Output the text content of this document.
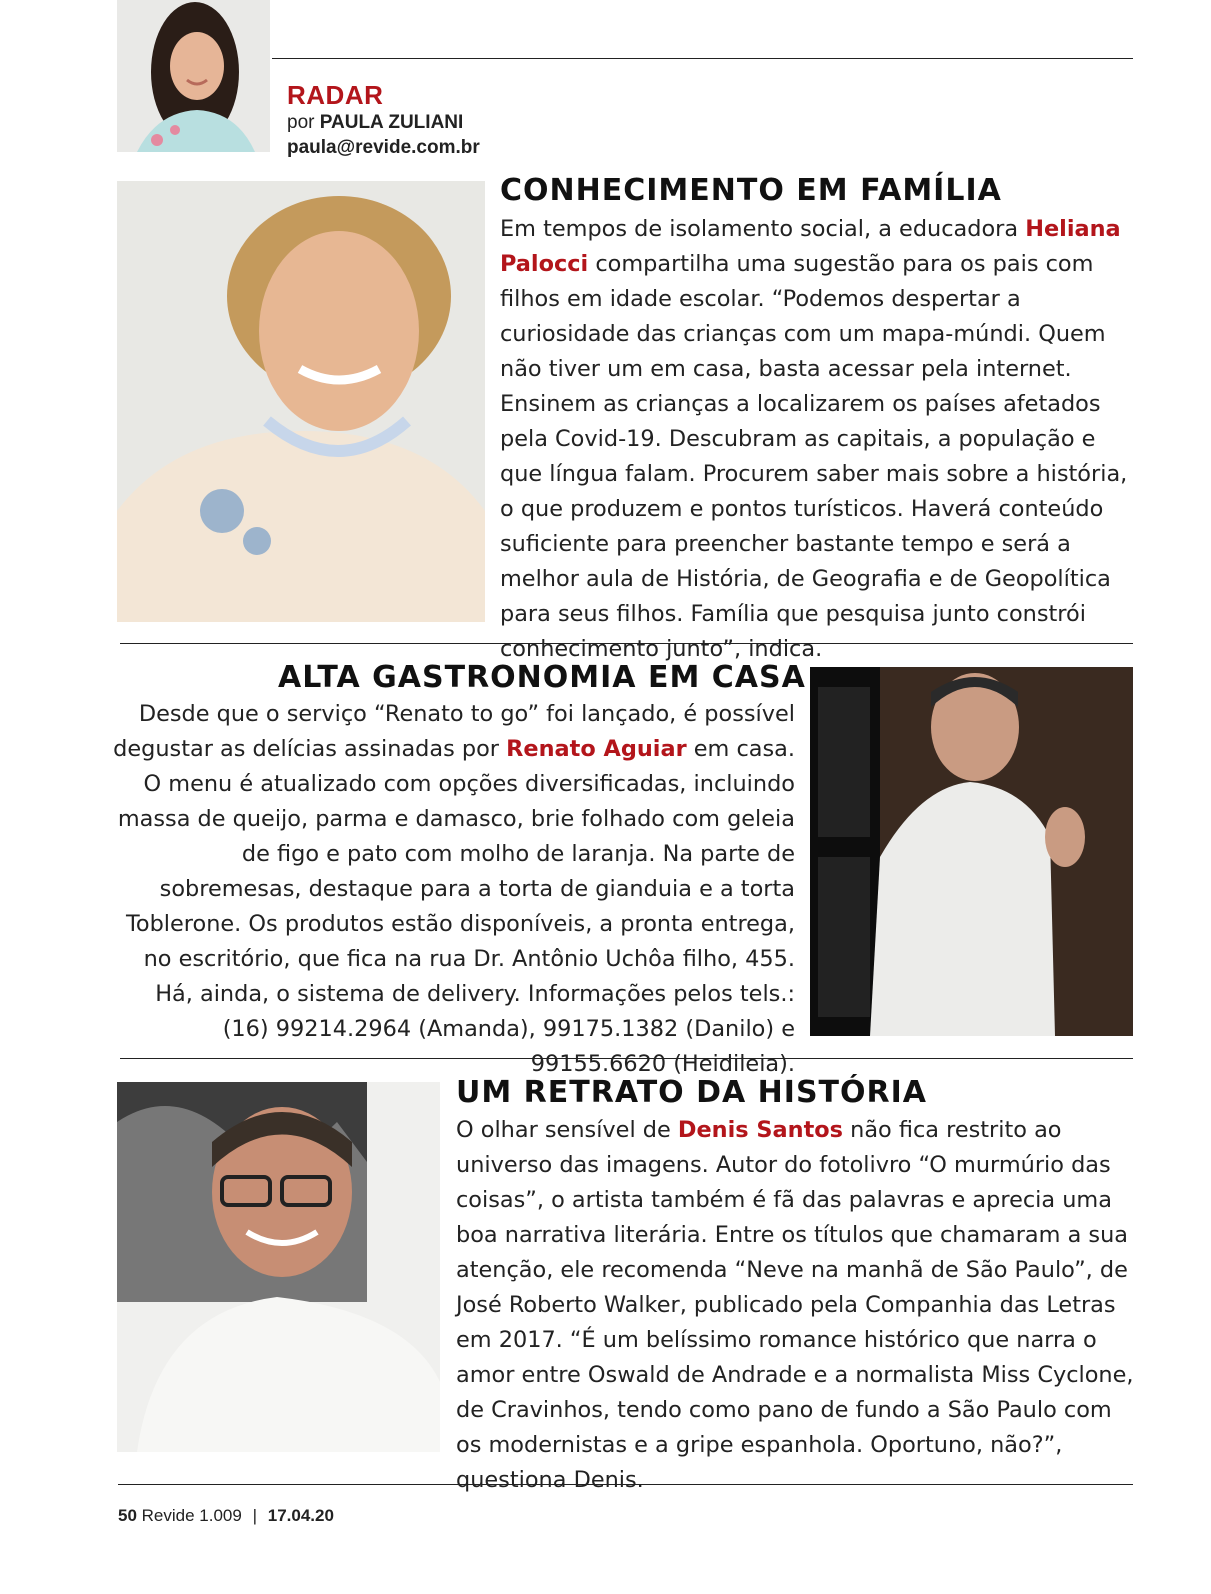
RADAR
por PAULA ZULIANI
paula@revide.com.br
CONHECIMENTO EM FAMÍLIA

Em tempos de isolamento social, a educadora Heliana Palocci compartilha uma sugestão para os pais com filhos em idade escolar. “Podemos despertar a curiosidade das crianças com um mapa-múndi. Quem não tiver um em casa, basta acessar pela internet. Ensinem as crianças a localizarem os países afetados pela Covid-19. Descubram as capitais, a população e que língua falam. Procurem saber mais sobre a história, o que produzem e pontos turísticos. Haverá conteúdo suficiente para preencher bastante tempo e será a melhor aula de História, de Geografia e de Geopolítica para seus filhos. Família que pesquisa junto constrói conhecimento junto”, indica.

ALTA GASTRONOMIA EM CASA

Desde que o serviço “Renato to go” foi lançado, é possível degustar as delícias assinadas por Renato Aguiar em casa. O menu é atualizado com opções diversificadas, incluindo massa de queijo, parma e damasco, brie folhado com geleia de figo e pato com molho de laranja. Na parte de sobremesas, destaque para a torta de gianduia e a torta Toblerone. Os produtos estão disponíveis, a pronta entrega, no escritório, que fica na rua Dr. Antônio Uchôa filho, 455. Há, ainda, o sistema de delivery. Informações pelos tels.: (16) 99214.2964 (Amanda), 99175.1382 (Danilo) e 99155.6620 (Heidileia).

UM RETRATO DA HISTÓRIA

O olhar sensível de Denis Santos não fica restrito ao universo das imagens. Autor do fotolivro “O murmúrio das coisas”, o artista também é fã das palavras e aprecia uma boa narrativa literária. Entre os títulos que chamaram a sua atenção, ele recomenda “Neve na manhã de São Paulo”, de José Roberto Walker, publicado pela Companhia das Letras em 2017. “É um belíssimo romance histórico que narra o amor entre Oswald de Andrade e a normalista Miss Cyclone, de Cravinhos, tendo como pano de fundo a São Paulo com os modernistas e a gripe espanhola. Oportuno, não?”, questiona Denis.

50 Revide 1.009 | 17.04.20
